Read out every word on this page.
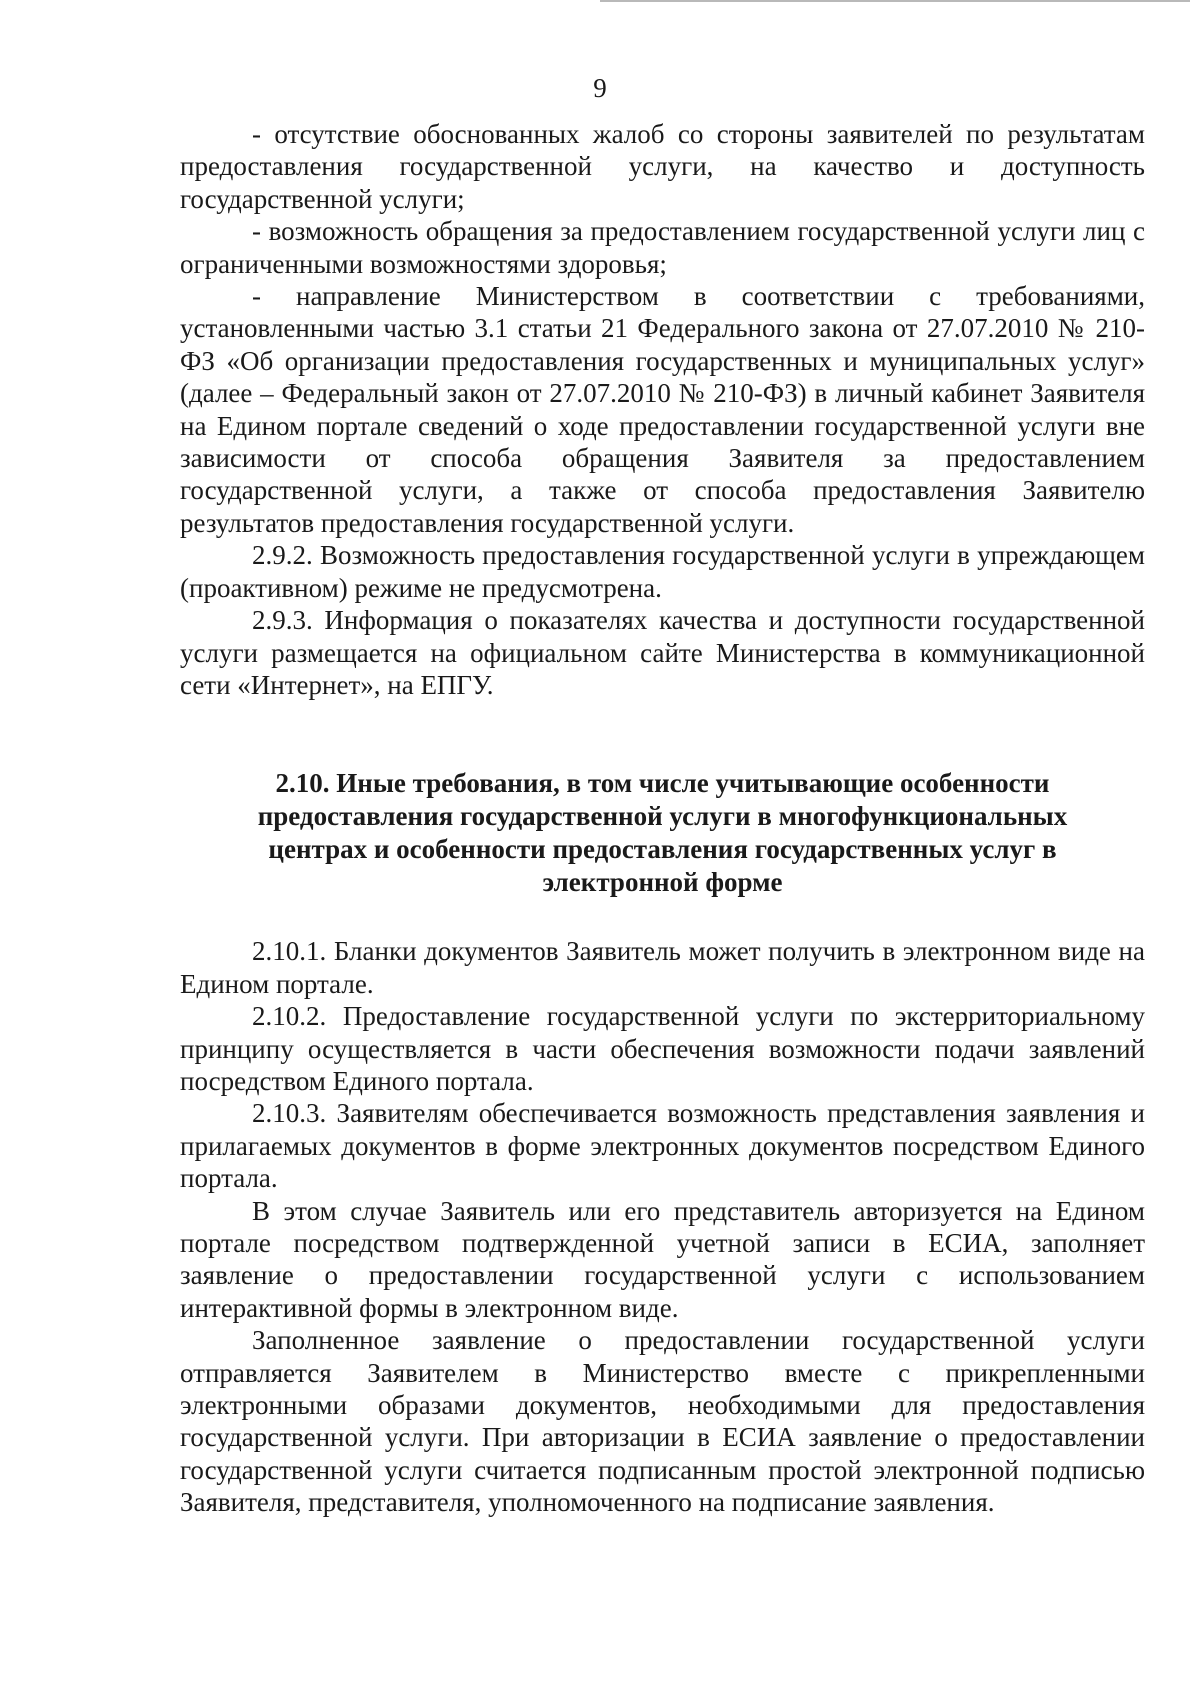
9

- отсутствие обоснованных жалоб со стороны заявителей по результатам предоставления государственной услуги, на качество и доступность государственной услуги;

- возможность обращения за предоставлением государственной услуги лиц с ограниченными возможностями здоровья;

- направление Министерством в соответствии с требованиями, установленными частью 3.1 статьи 21 Федерального закона от 27.07.2010 № 210-ФЗ «Об организации предоставления государственных и муниципальных услуг» (далее – Федеральный закон от 27.07.2010 № 210-ФЗ) в личный кабинет Заявителя на Едином портале сведений о ходе предоставлении государственной услуги вне зависимости от способа обращения Заявителя за предоставлением государственной услуги, а также от способа предоставления Заявителю результатов предоставления государственной услуги.

2.9.2. Возможность предоставления государственной услуги в упреждающем (проактивном) режиме не предусмотрена.

2.9.3. Информация о показателях качества и доступности государственной услуги размещается на официальном сайте Министерства в коммуникационной сети «Интернет», на ЕПГУ.

2.10. Иные требования, в том числе учитывающие особенности предоставления государственной услуги в многофункциональных центрах и особенности предоставления государственных услуг в электронной форме

2.10.1. Бланки документов Заявитель может получить в электронном виде на Едином портале.

2.10.2. Предоставление государственной услуги по экстерриториальному принципу осуществляется в части обеспечения возможности подачи заявлений посредством Единого портала.

2.10.3. Заявителям обеспечивается возможность представления заявления и прилагаемых документов в форме электронных документов посредством Единого портала.

В этом случае Заявитель или его представитель авторизуется на Едином портале посредством подтвержденной учетной записи в ЕСИА, заполняет заявление о предоставлении государственной услуги с использованием интерактивной формы в электронном виде.

Заполненное заявление о предоставлении государственной услуги отправляется Заявителем в Министерство вместе с прикрепленными электронными образами документов, необходимыми для предоставления государственной услуги. При авторизации в ЕСИА заявление о предоставлении государственной услуги считается подписанным простой электронной подписью Заявителя, представителя, уполномоченного на подписание заявления.
